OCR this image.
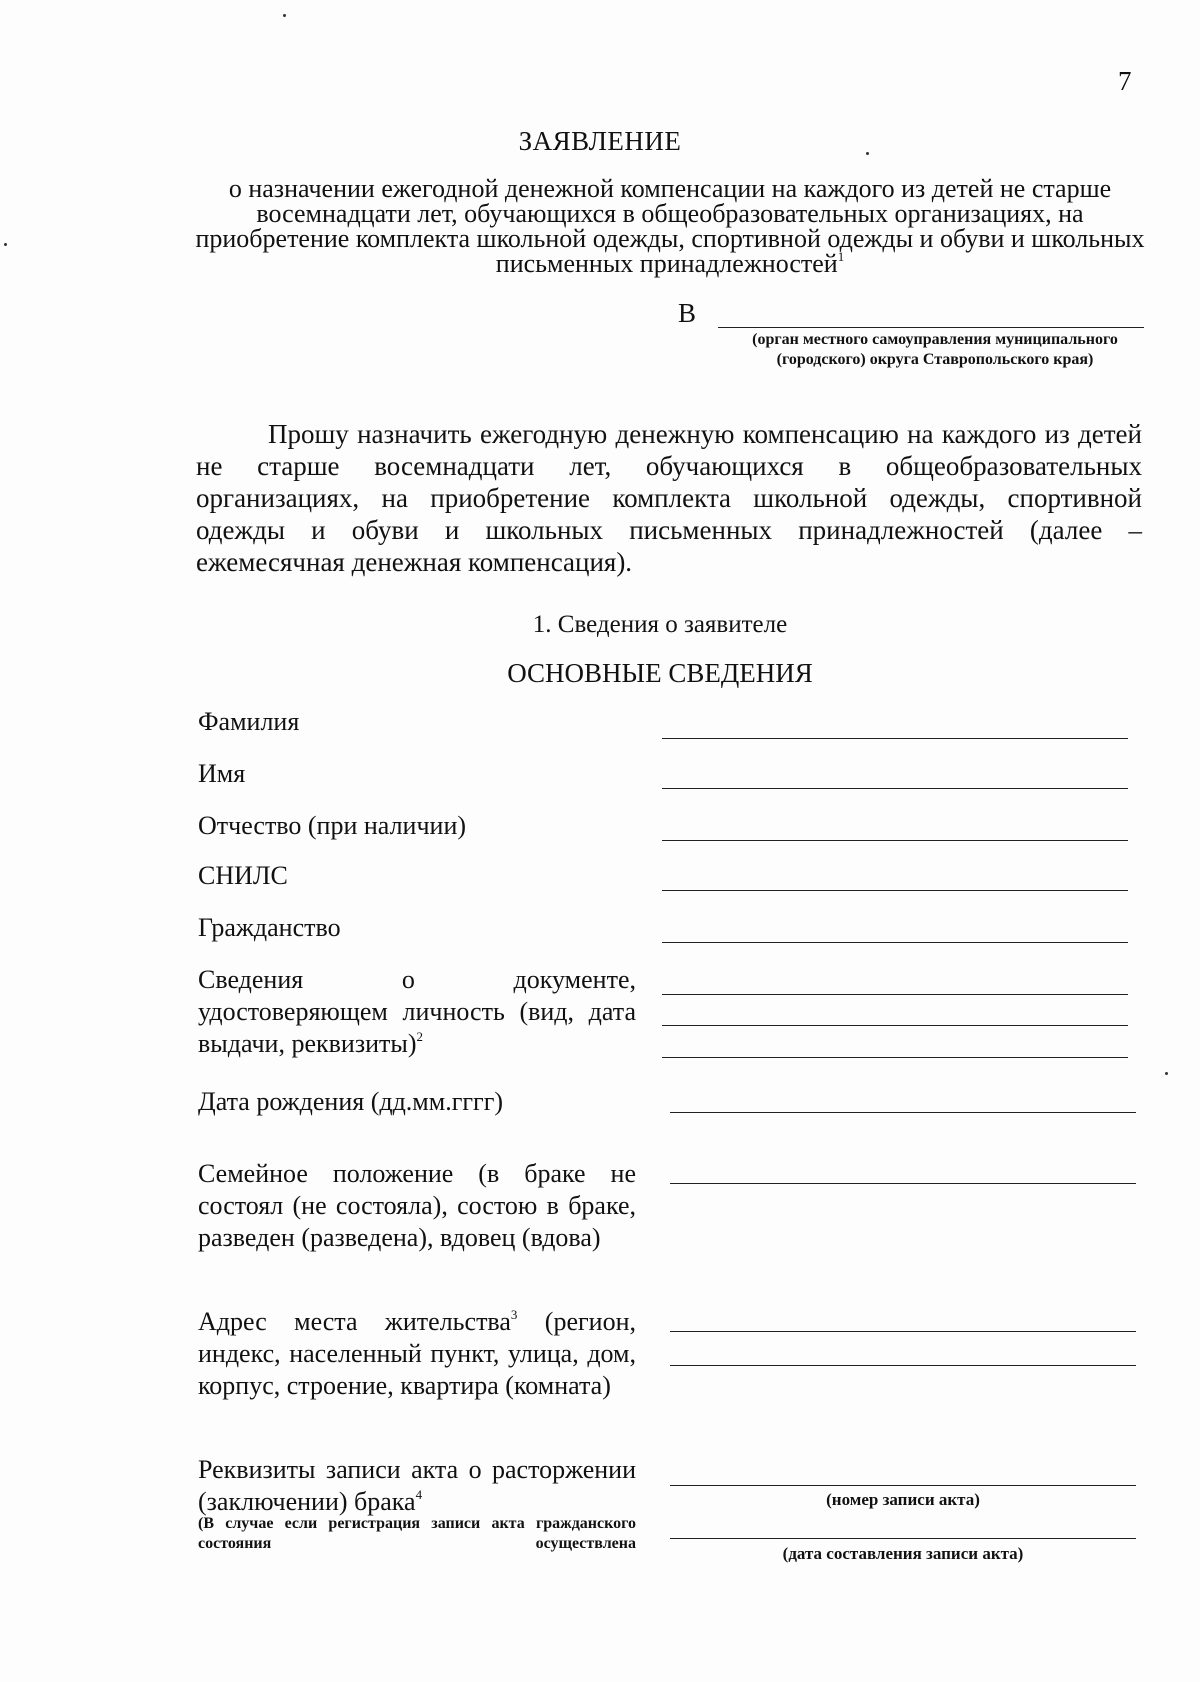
7
ЗАЯВЛЕНИЕ
о назначении ежегодной денежной компенсации на каждого из детей не старше восемнадцати лет, обучающихся в общеобразовательных организациях, на приобретение комплекта школьной одежды, спортивной одежды и обуви и школьных письменных принадлежностей$^1$
В
(орган местного самоуправления муниципального (городского) округа Ставропольского края)
Прошу назначить ежегодную денежную компенсацию на каждого из детей не старше восемнадцати лет, обучающихся в общеобразовательных организациях, на приобретение комплекта школьной одежды, спортивной одежды и обуви и школьных письменных принадлежностей (далее – ежемесячная денежная компенсация).
1. Сведения о заявителе
ОСНОВНЫЕ СВЕДЕНИЯ
Фамилия
Имя
Отчество (при наличии)
СНИЛС
Гражданство
Сведения о документе, удостоверяющем личность (вид, дата выдачи, реквизиты)$^2$
Дата рождения (дд.мм.гггг)
Семейное положение (в браке не состоял (не состояла), состою в браке, разведен (разведена), вдовец (вдова)
Адрес места жительства$^3$ (регион, индекс, населенный пункт, улица, дом, корпус, строение, квартира (комната)
Реквизиты записи акта о расторжении (заключении) брака$^4$	(номер записи акта)
(дата составления записи акта)
(В случае если регистрация записи акта гражданского состояния осуществлена
